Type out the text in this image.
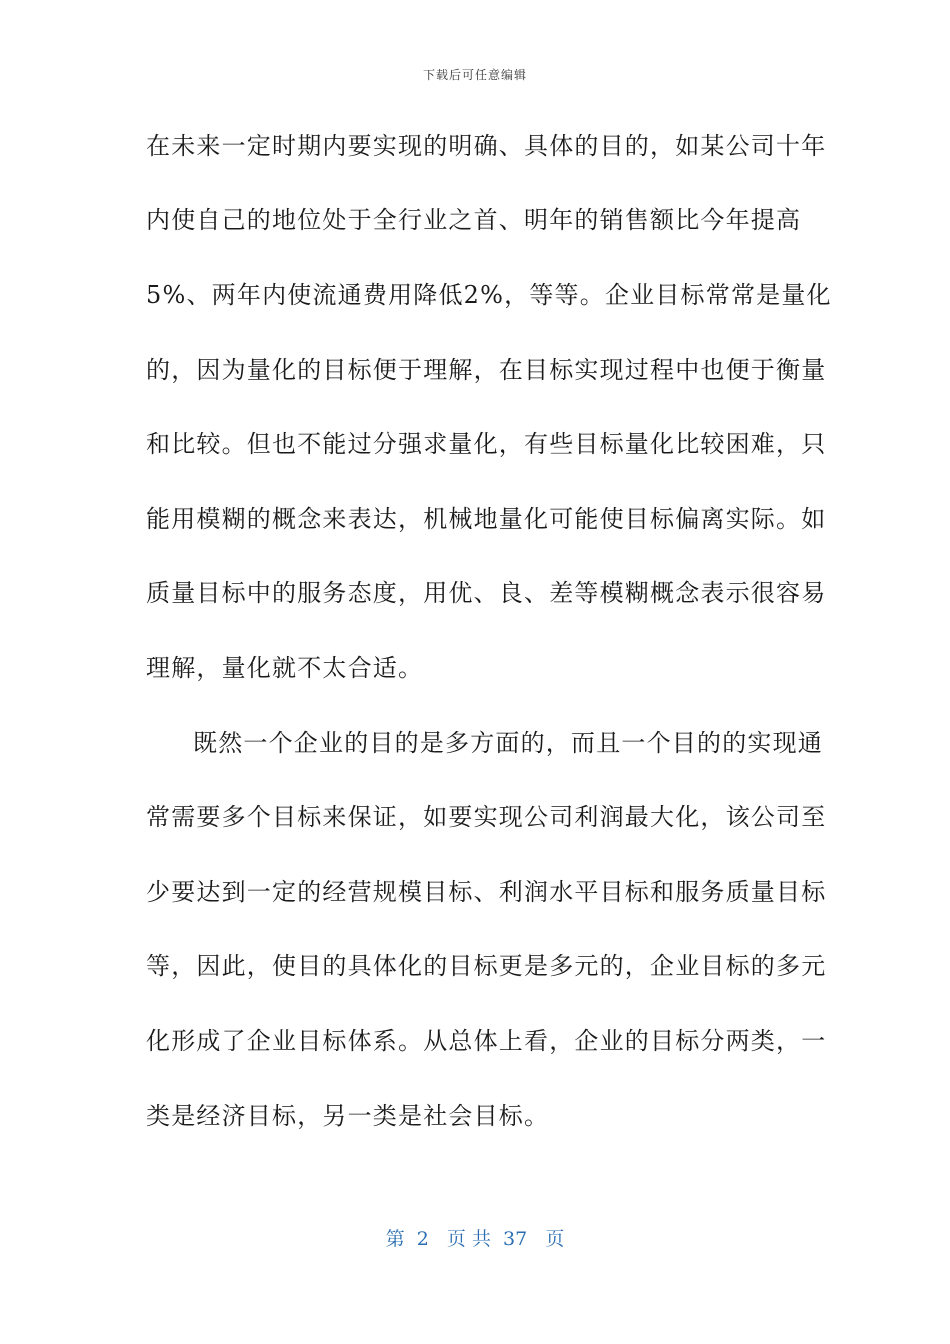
下载后可任意编辑
在未来一定时期内要实现的明确、具体的目的，如某公司十年
内使自己的地位处于全行业之首、明年的销售额比今年提高
5%、两年内使流通费用降低2%，等等。企业目标常常是量化
的，因为量化的目标便于理解，在目标实现过程中也便于衡量
和比较。但也不能过分强求量化，有些目标量化比较困难，只
能用模糊的概念来表达，机械地量化可能使目标偏离实际。如
质量目标中的服务态度，用优、良、差等模糊概念表示很容易
理解，量化就不太合适。
既然一个企业的目的是多方面的，而且一个目的的实现通
常需要多个目标来保证，如要实现公司利润最大化，该公司至
少要达到一定的经营规模目标、利润水平目标和服务质量目标
等，因此，使目的具体化的目标更是多元的，企业目标的多元
化形成了企业目标体系。从总体上看，企业的目标分两类，一
类是经济目标，另一类是社会目标。
第  2   页 共  37   页
